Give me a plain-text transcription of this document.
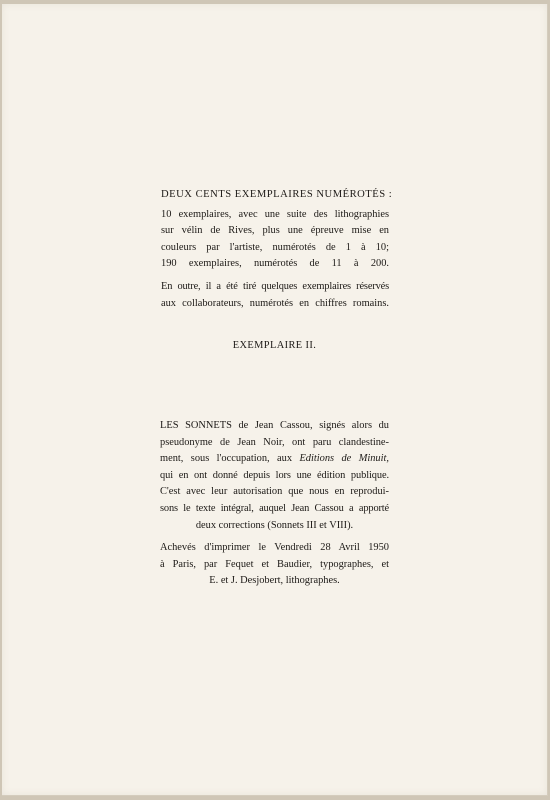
DEUX CENTS EXEMPLAIRES NUMÉROTÉS :
10 exemplaires, avec une suite des lithographies
sur vélin de Rives, plus une épreuve mise en
couleurs par l'artiste, numérotés de 1 à 10;
190 exemplaires, numérotés de 11 à 200.
En outre, il a été tiré quelques exemplaires réservés
aux collaborateurs, numérotés en chiffres romains.
EXEMPLAIRE II.
LES SONNETS de Jean Cassou, signés alors du
pseudonyme de Jean Noir, ont paru clandestine-
ment, sous l'occupation, aux Editions de Minuit,
qui en ont donné depuis lors une édition publique.
C'est avec leur autorisation que nous en reprodui-
sons le texte intégral, auquel Jean Cassou a apporté
deux corrections (Sonnets III et VIII).
Achevés d'imprimer le Vendredi 28 Avril 1950
à Paris, par Fequet et Baudier, typographes, et
E. et J. Desjobert, lithographes.
